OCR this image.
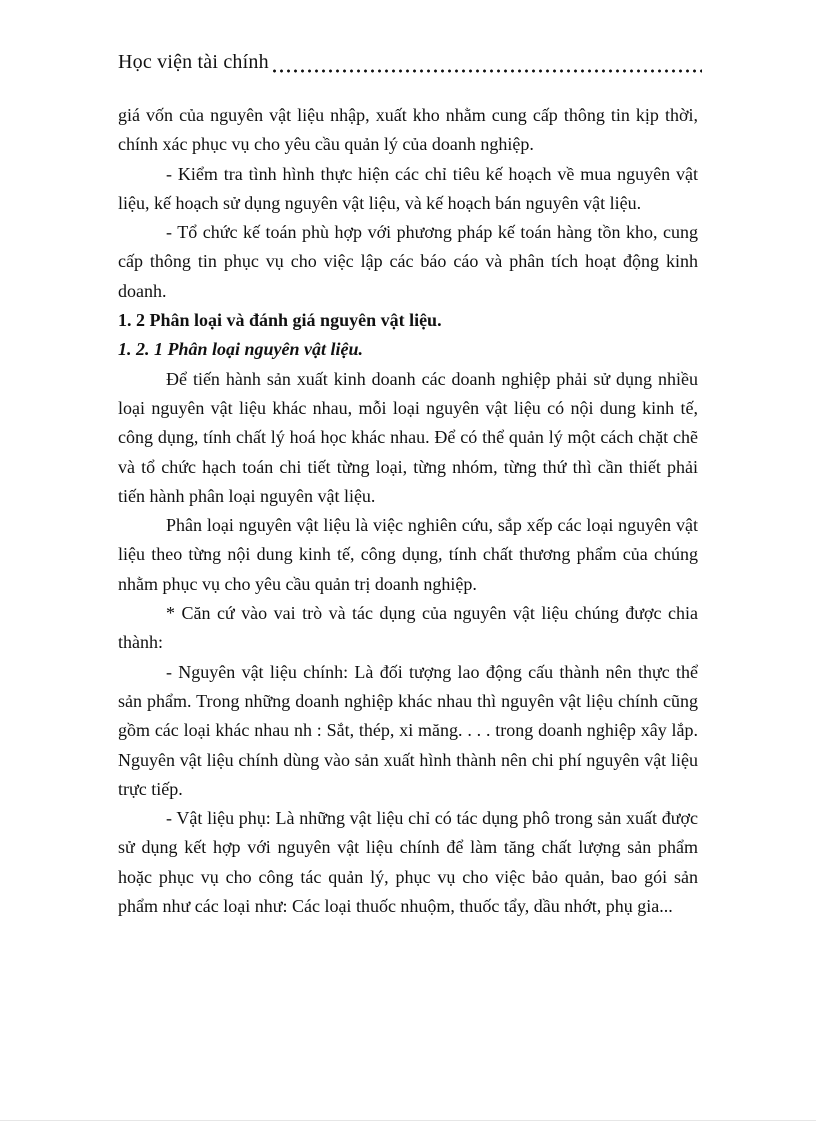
Học viện tài chính

giá vốn của nguyên vật liệu nhập, xuất kho nhằm cung cấp thông tin kịp thời, chính xác phục vụ cho yêu cầu quản lý của doanh nghiệp.

- Kiểm tra tình hình thực hiện các chỉ tiêu kế hoạch về mua nguyên vật liệu, kế hoạch sử dụng nguyên vật liệu, và kế hoạch bán nguyên vật liệu.

- Tổ chức kế toán phù hợp với phương pháp kế toán hàng tồn kho, cung cấp thông tin phục vụ cho việc lập các báo cáo và phân tích hoạt động kinh doanh.

1. 2 Phân loại và đánh giá nguyên vật liệu.

1. 2. 1 Phân loại nguyên vật liệu.

Để tiến hành sản xuất kinh doanh các doanh nghiệp phải sử dụng nhiều loại nguyên vật liệu khác nhau, mỗi loại nguyên vật liệu có nội dung kinh tế, công dụng, tính chất lý hoá học khác nhau. Để có thể quản lý một cách chặt chẽ và tổ chức hạch toán chi tiết từng loại, từng nhóm, từng thứ thì cần thiết phải tiến hành phân loại nguyên vật liệu.

Phân loại nguyên vật liệu là việc nghiên cứu, sắp xếp các loại nguyên vật liệu theo từng nội dung kinh tế, công dụng, tính chất thương phẩm của chúng nhằm phục vụ cho yêu cầu quản trị doanh nghiệp.

* Căn cứ vào vai trò và tác dụng của nguyên vật liệu chúng được chia thành:

- Nguyên vật liệu chính: Là đối tượng lao động cấu thành nên thực thể sản phẩm. Trong những doanh nghiệp khác nhau thì nguyên vật liệu chính cũng gồm các loại khác nhau nh : Sắt, thép, xi măng. . . . trong doanh nghiệp xây lắp. Nguyên vật liệu chính dùng vào sản xuất hình thành nên chi phí nguyên vật liệu trực tiếp.

- Vật liệu phụ: Là những vật liệu chỉ có tác dụng phô trong sản xuất được sử dụng kết hợp với nguyên vật liệu chính để làm tăng chất lượng sản phẩm hoặc phục vụ cho công tác quản lý, phục vụ cho việc bảo quản, bao gói sản phẩm như các loại như: Các loại thuốc nhuộm, thuốc tẩy, dầu nhớt, phụ gia...
